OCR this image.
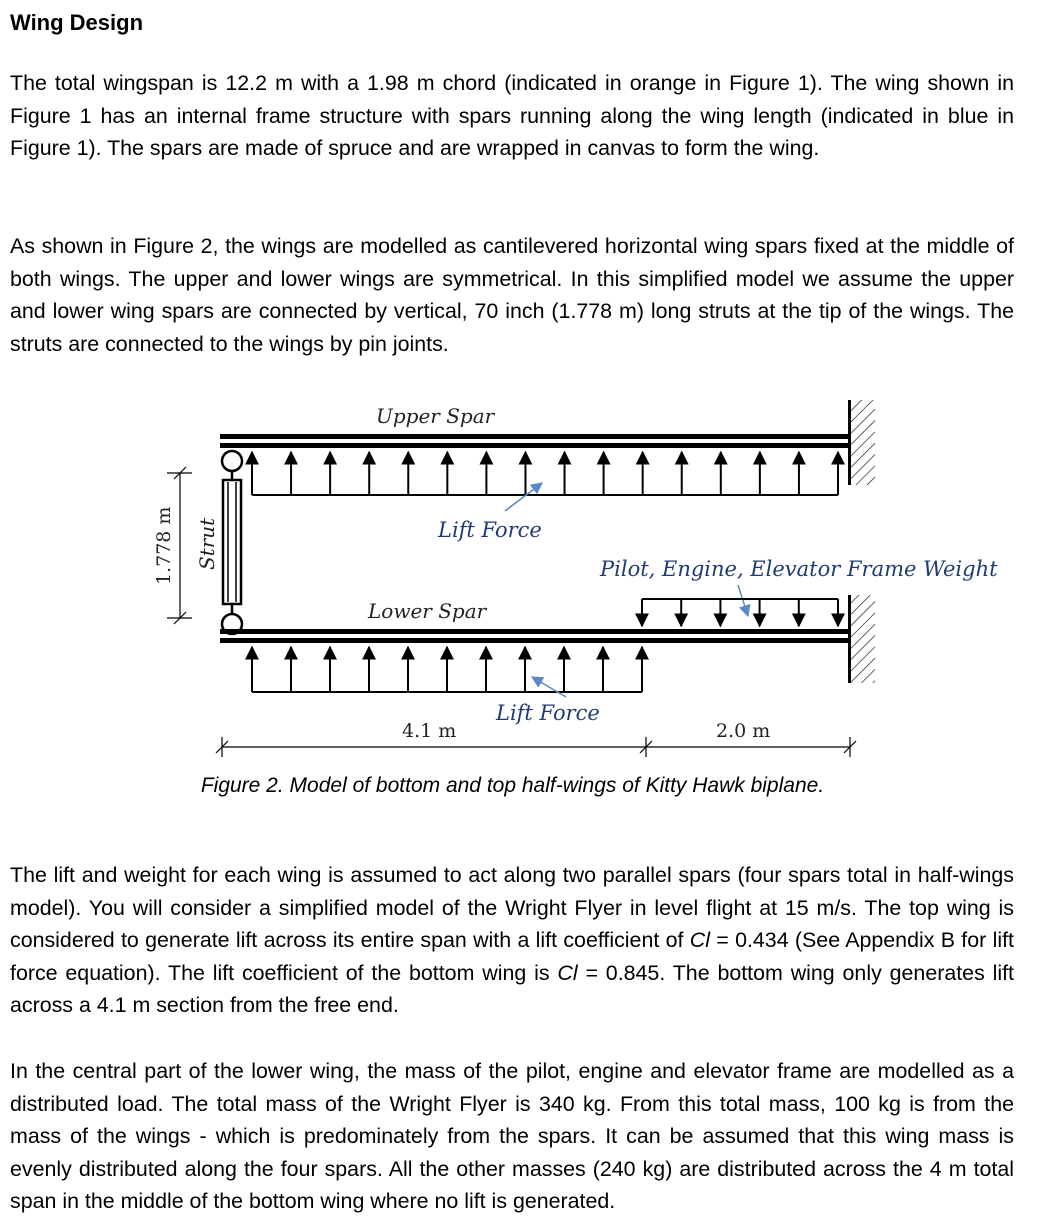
Wing Design

The total wingspan is 12.2 m with a 1.98 m chord (indicated in orange in Figure 1). The wing shown in Figure 1 has an internal frame structure with spars running along the wing length (indicated in blue in Figure 1). The spars are made of spruce and are wrapped in canvas to form the wing.

As shown in Figure 2, the wings are modelled as cantilevered horizontal wing spars fixed at the middle of both wings. The upper and lower wings are symmetrical. In this simplified model we assume the upper and lower wing spars are connected by vertical, 70 inch (1.778 m) long struts at the tip of the wings. The struts are connected to the wings by pin joints.

Upper Spar
Strut
1.778 m	Lift Force
Pilot, Engine, Elevator Frame Weight
Lower Spar
Lift Force
4.1 m	2.0 m

Figure 2. Model of bottom and top half-wings of Kitty Hawk biplane.

The lift and weight for each wing is assumed to act along two parallel spars (four spars total in half-wings model). You will consider a simplified model of the Wright Flyer in level flight at 15 m/s. The top wing is considered to generate lift across its entire span with a lift coefficient of Cl = 0.434 (See Appendix B for lift force equation). The lift coefficient of the bottom wing is Cl = 0.845. The bottom wing only generates lift across a 4.1 m section from the free end.

In the central part of the lower wing, the mass of the pilot, engine and elevator frame are modelled as a distributed load. The total mass of the Wright Flyer is 340 kg. From this total mass, 100 kg is from the mass of the wings - which is predominately from the spars. It can be assumed that this wing mass is evenly distributed along the four spars. All the other masses (240 kg) are distributed across the 4 m total span in the middle of the bottom wing where no lift is generated.
